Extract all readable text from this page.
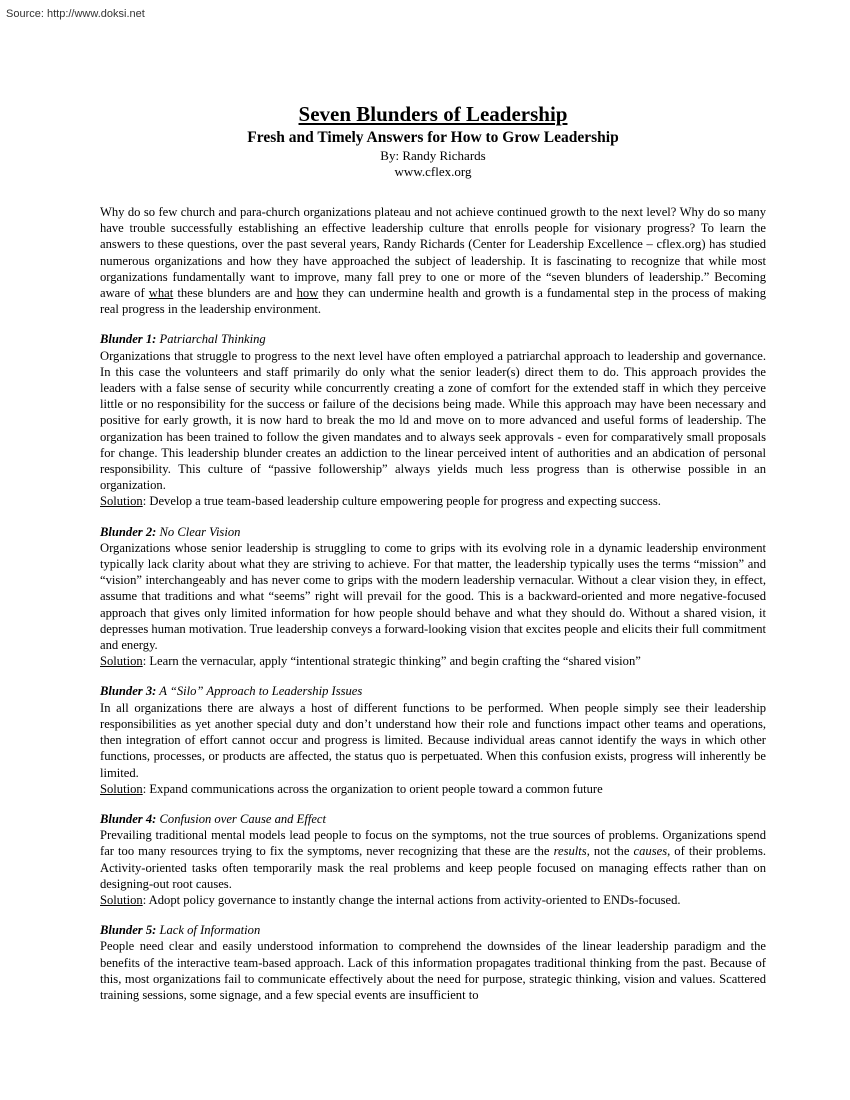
Source: http://www.doksi.net
Seven Blunders of Leadership
Fresh and Timely Answers for How to Grow Leadership
By: Randy Richards
www.cflex.org

Why do so few church and para-church organizations plateau and not achieve continued growth to the next level? Why do so many have trouble successfully establishing an effective leadership culture that enrolls people for visionary progress? To learn the answers to these questions, over the past several years, Randy Richards (Center for Leadership Excellence – cflex.org) has studied numerous organizations and how they have approached the subject of leadership. It is fascinating to recognize that while most organizations fundamentally want to improve, many fall prey to one or more of the “seven blunders of leadership.” Becoming aware of what these blunders are and how they can undermine health and growth is a fundamental step in the process of making real progress in the leadership environment.

Blunder 1: Patriarchal Thinking
Organizations that struggle to progress to the next level have often employed a patriarchal approach to leadership and governance. In this case the volunteers and staff primarily do only what the senior leader(s) direct them to do. This approach provides the leaders with a false sense of security while concurrently creating a zone of comfort for the extended staff in which they perceive little or no responsibility for the success or failure of the decisions being made. While this approach may have been necessary and positive for early growth, it is now hard to break the mo ld and move on to more advanced and useful forms of leadership. The organization has been trained to follow the given mandates and to always seek approvals - even for comparatively small proposals for change. This leadership blunder creates an addiction to the linear perceived intent of authorities and an abdication of personal responsibility. This culture of “passive followership” always yields much less progress than is otherwise possible in an organization.
Solution: Develop a true team-based leadership culture empowering people for progress and expecting success.
Blunder 2: No Clear Vision
Organizations whose senior leadership is struggling to come to grips with its evolving role in a dynamic leadership environment typically lack clarity about what they are striving to achieve. For that matter, the leadership typically uses the terms “mission” and “vision” interchangeably and has never come to grips with the modern leadership vernacular. Without a clear vision they, in effect, assume that traditions and what “seems” right will prevail for the good. This is a backward-oriented and more negative-focused approach that gives only limited information for how people should behave and what they should do. Without a shared vision, it depresses human motivation. True leadership conveys a forward-looking vision that excites people and elicits their full commitment and energy.
Solution: Learn the vernacular, apply “intentional strategic thinking” and begin crafting the “shared vision”
Blunder 3: A “Silo” Approach to Leadership Issues
In all organizations there are always a host of different functions to be performed. When people simply see their leadership responsibilities as yet another special duty and don’t understand how their role and functions impact other teams and operations, then integration of effort cannot occur and progress is limited. Because individual areas cannot identify the ways in which other functions, processes, or products are affected, the status quo is perpetuated. When this confusion exists, progress will inherently be limited.
Solution: Expand communications across the organization to orient people toward a common future
Blunder 4: Confusion over Cause and Effect
Prevailing traditional mental models lead people to focus on the symptoms, not the true sources of problems. Organizations spend far too many resources trying to fix the symptoms, never recognizing that these are the results, not the causes, of their problems. Activity-oriented tasks often temporarily mask the real problems and keep people focused on managing effects rather than on designing-out root causes.
Solution: Adopt policy governance to instantly change the internal actions from activity-oriented to ENDs-focused.
Blunder 5: Lack of Information
People need clear and easily understood information to comprehend the downsides of the linear leadership paradigm and the benefits of the interactive team-based approach. Lack of this information propagates traditional thinking from the past. Because of this, most organizations fail to communicate effectively about the need for purpose, strategic thinking, vision and values. Scattered training sessions, some signage, and a few special events are insufficient to
